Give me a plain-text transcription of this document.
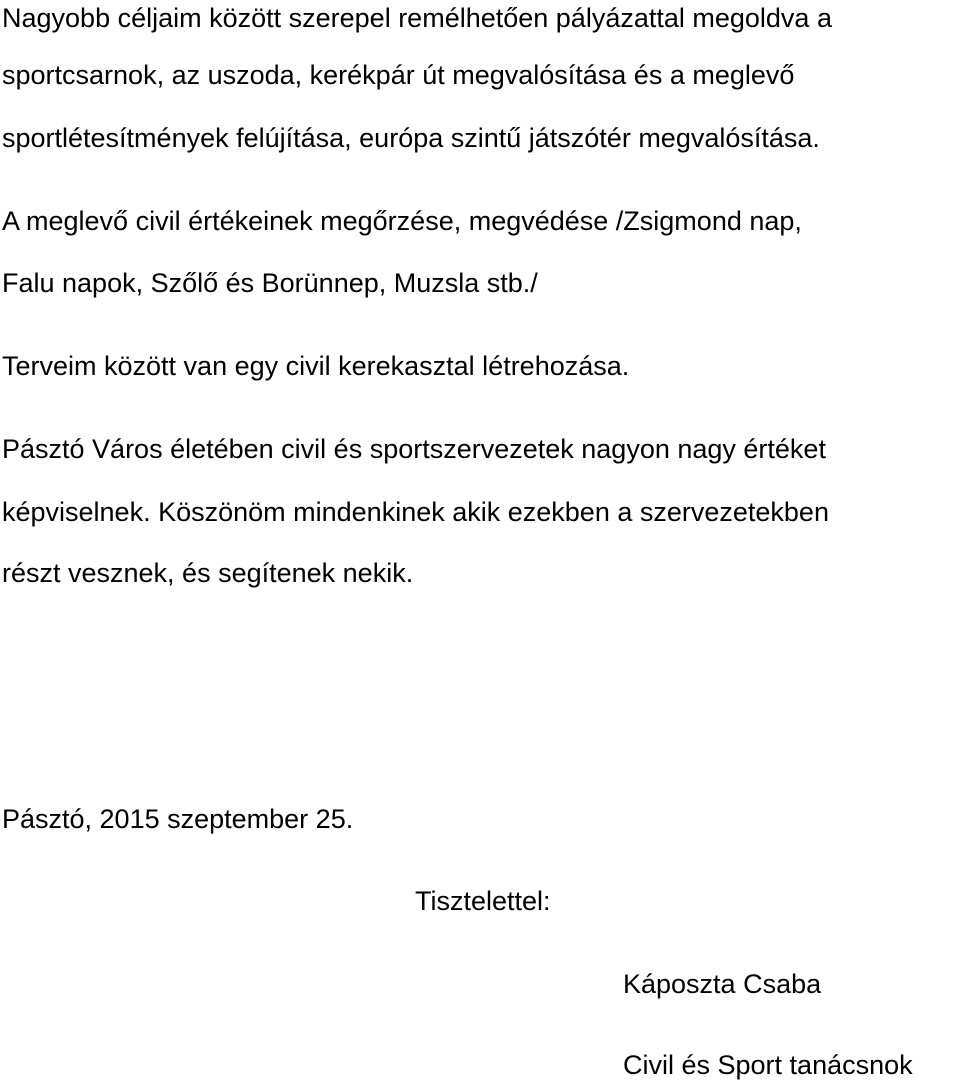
Nagyobb céljaim között szerepel remélhetően pályázattal megoldva a

sportcsarnok, az uszoda, kerékpár út megvalósítása és a meglevő

sportlétesítmények felújítása, európa szintű játszótér megvalósítása.

A meglevő civil értékeinek megőrzése, megvédése /Zsigmond nap,

Falu napok, Szőlő és Borünnep, Muzsla stb./

Terveim között van egy civil kerekasztal létrehozása.

Pásztó Város életében civil és sportszervezetek nagyon nagy értéket

képviselnek. Köszönöm mindenkinek akik ezekben a szervezetekben

részt vesznek, és segítenek nekik.

Pásztó, 2015 szeptember 25.

Tisztelettel:

Káposzta Csaba

Civil és Sport tanácsnok
